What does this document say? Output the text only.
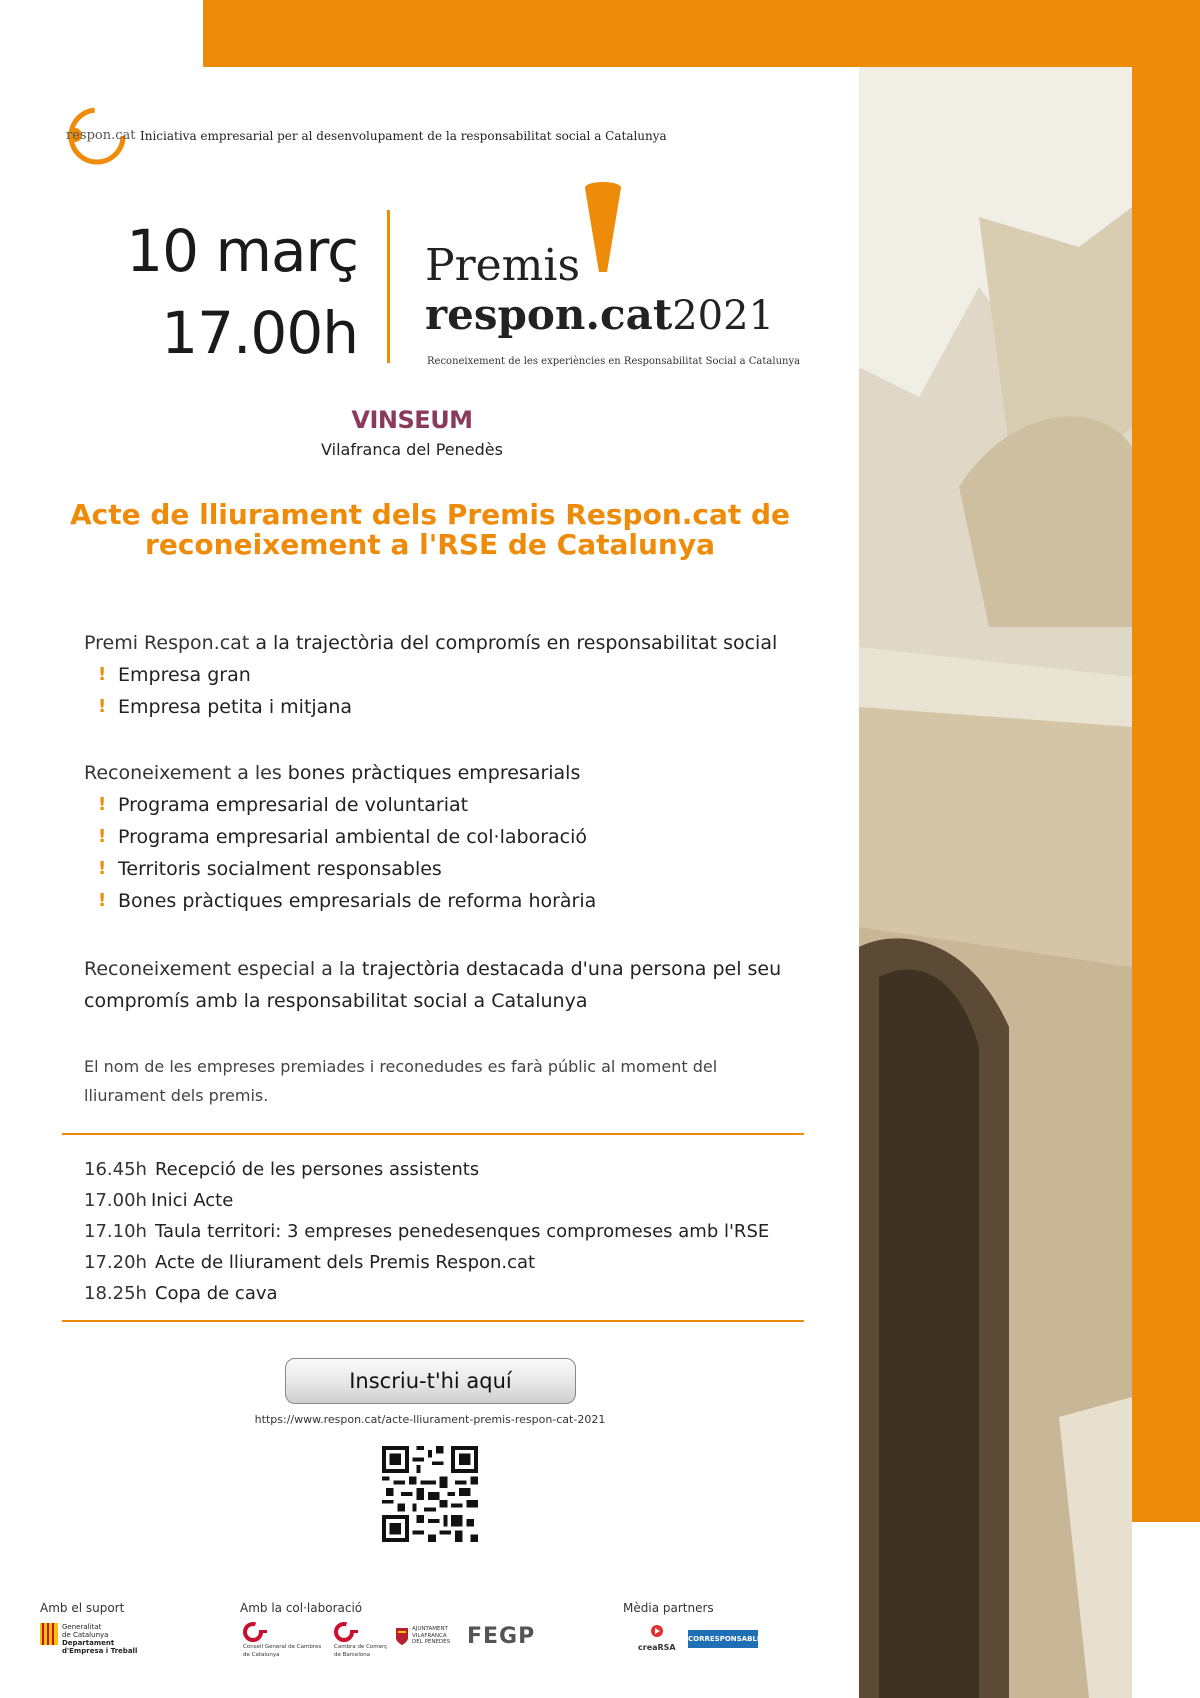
respon.cat Iniciativa empresarial per al desenvolupament de la responsabilitat social a Catalunya
10 març
17.00h
Premis
respon.cat2021
Reconeixement de les experiències en Responsabilitat Social a Catalunya
VINSEUM
Vilafranca del Penedès
Acte de lliurament dels Premis Respon.cat de reconeixement a l'RSE de Catalunya
Premi Respon.cat a la trajectòria del compromís en responsabilitat social
! Empresa gran
! Empresa petita i mitjana
Reconeixement a les bones pràctiques empresarials
! Programa empresarial de voluntariat
! Programa empresarial ambiental de col·laboració
! Territoris socialment responsables
! Bones pràctiques empresarials de reforma horària
Reconeixement especial a la trajectòria destacada d'una persona pel seu
compromís amb la responsabilitat social a Catalunya
El nom de les empreses premiades i reconedudes es farà públic al moment del lliurament dels premis.
16.45h Recepció de les persones assistents
17.00h Inici Acte
17.10h Taula territori: 3 empreses penedesenques compromeses amb l'RSE
17.20h Acte de lliurament dels Premis Respon.cat
18.25h Copa de cava
Inscriu-t'hi aquí
https://www.respon.cat/acte-lliurament-premis-respon-cat-2021
Amb el suport	Amb la col·laboració	Mèdia partners
Generalitat
de Catalunya
Departament
d'Empresa i Treball	Consell General de Cambres
de Catalunya
Cambra de Comerç
de Barcelona
AJUNTAMENT
VILAFRANCA
DEL PENEDÈS FEGP	creaRSA
CORRESPONSABLES
